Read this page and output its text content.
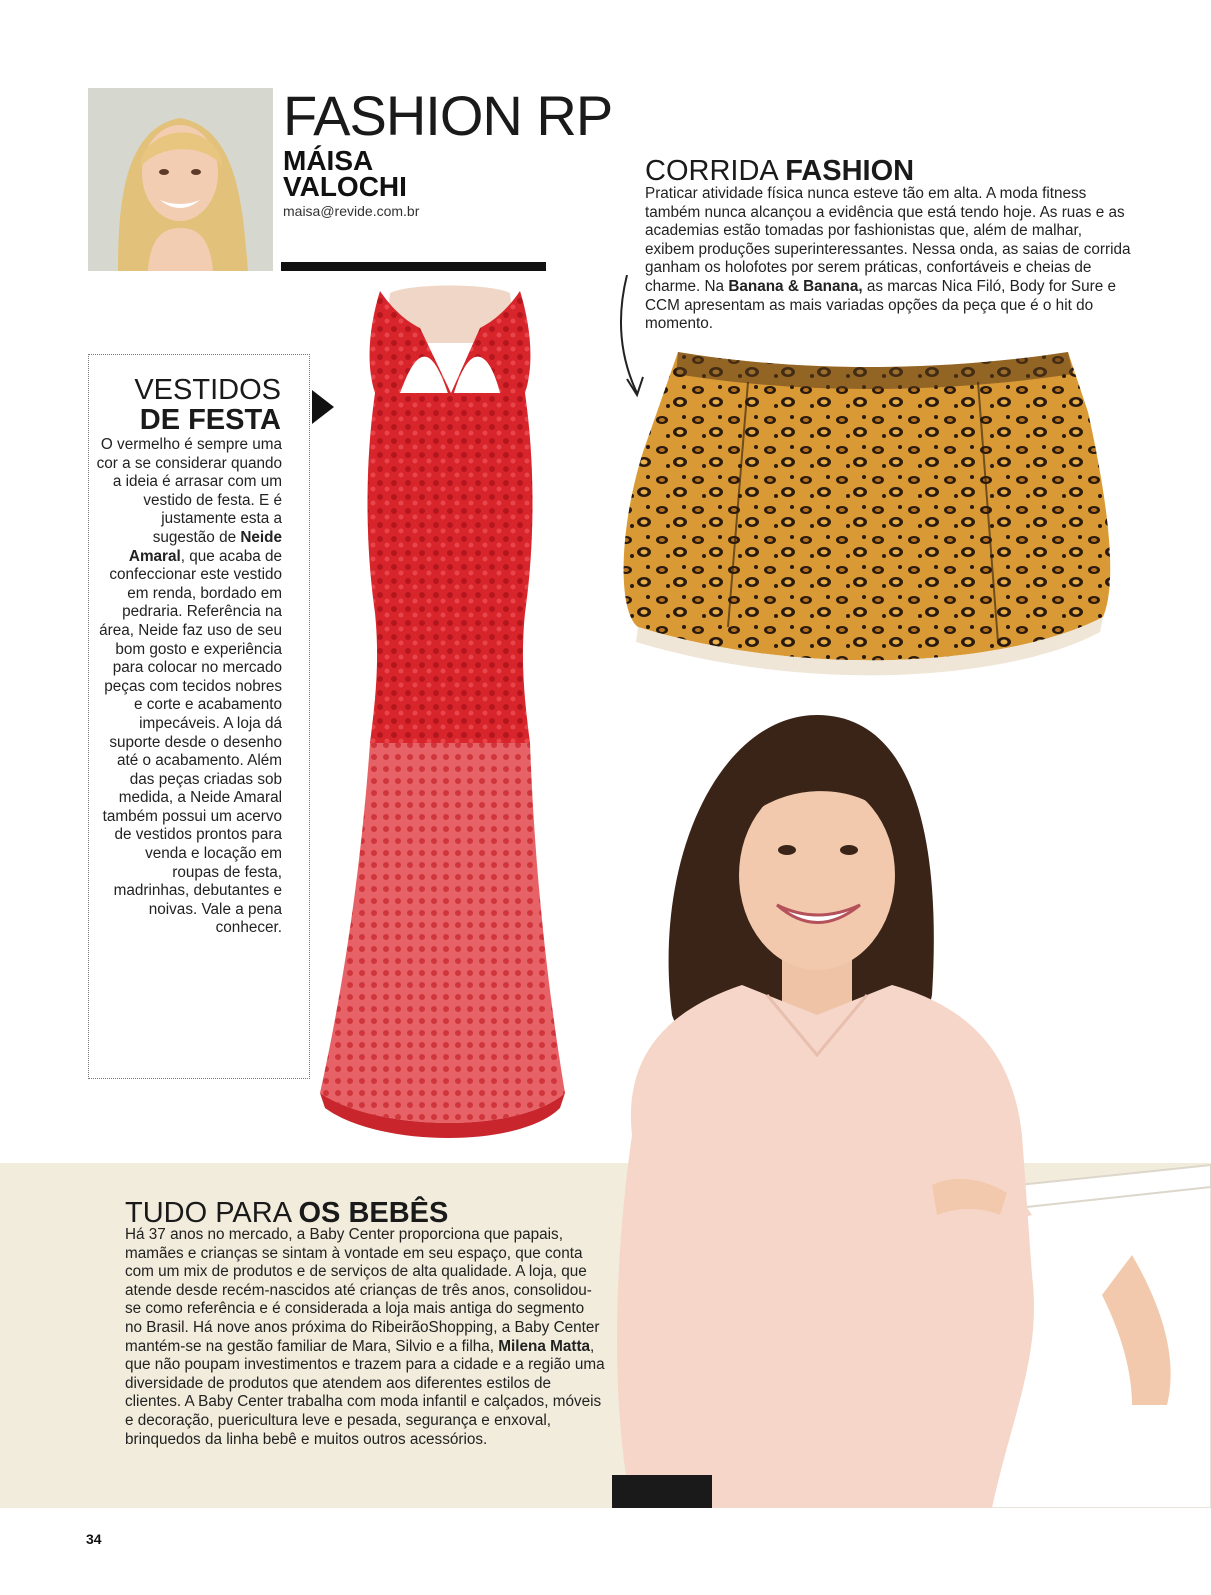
FASHION RP
MÁISA
VALOCHI
maisa@revide.com.br
VESTIDOS
DE FESTA
O vermelho é sempre uma cor a se considerar quando a ideia é arrasar com um vestido de festa. E é justamente esta a sugestão de Neide Amaral, que acaba de confeccionar este vestido em renda, bordado em pedraria. Referência na área, Neide faz uso de seu bom gosto e experiência para colocar no mercado peças com tecidos nobres e corte e acabamento impecáveis. A loja dá suporte desde o desenho até o acabamento. Além das peças criadas sob medida, a Neide Amaral também possui um acervo de vestidos prontos para venda e locação em roupas de festa, madrinhas, debutantes e noivas. Vale a pena conhecer.
CORRIDA FASHION
Praticar atividade física nunca esteve tão em alta. A moda fitness também nunca alcançou a evidência que está tendo hoje. As ruas e as academias estão tomadas por fashionistas que, além de malhar, exibem produções superinteressantes. Nessa onda, as saias de corrida ganham os holofotes por serem práticas, confortáveis e cheias de charme. Na Banana & Banana, as marcas Nica Filó, Body for Sure e CCM apresentam as mais variadas opções da peça que é o hit do momento.
TUDO PARA OS BEBÊS
Há 37 anos no mercado, a Baby Center proporciona que papais, mamães e crianças se sintam à vontade em seu espaço, que conta com um mix de produtos e de serviços de alta qualidade. A loja, que atende desde recém-nascidos até crianças de três anos, consolidou-se como referência e é considerada a loja mais antiga do segmento no Brasil. Há nove anos próxima do RibeirãoShopping, a Baby Center mantém-se na gestão familiar de Mara, Silvio e a filha, Milena Matta, que não poupam investimentos e trazem para a cidade e a região uma diversidade de produtos que atendem aos diferentes estilos de clientes. A Baby Center trabalha com moda infantil e calçados, móveis e decoração, puericultura leve e pesada, segurança e enxoval, brinquedos da linha bebê e muitos outros acessórios.
34
